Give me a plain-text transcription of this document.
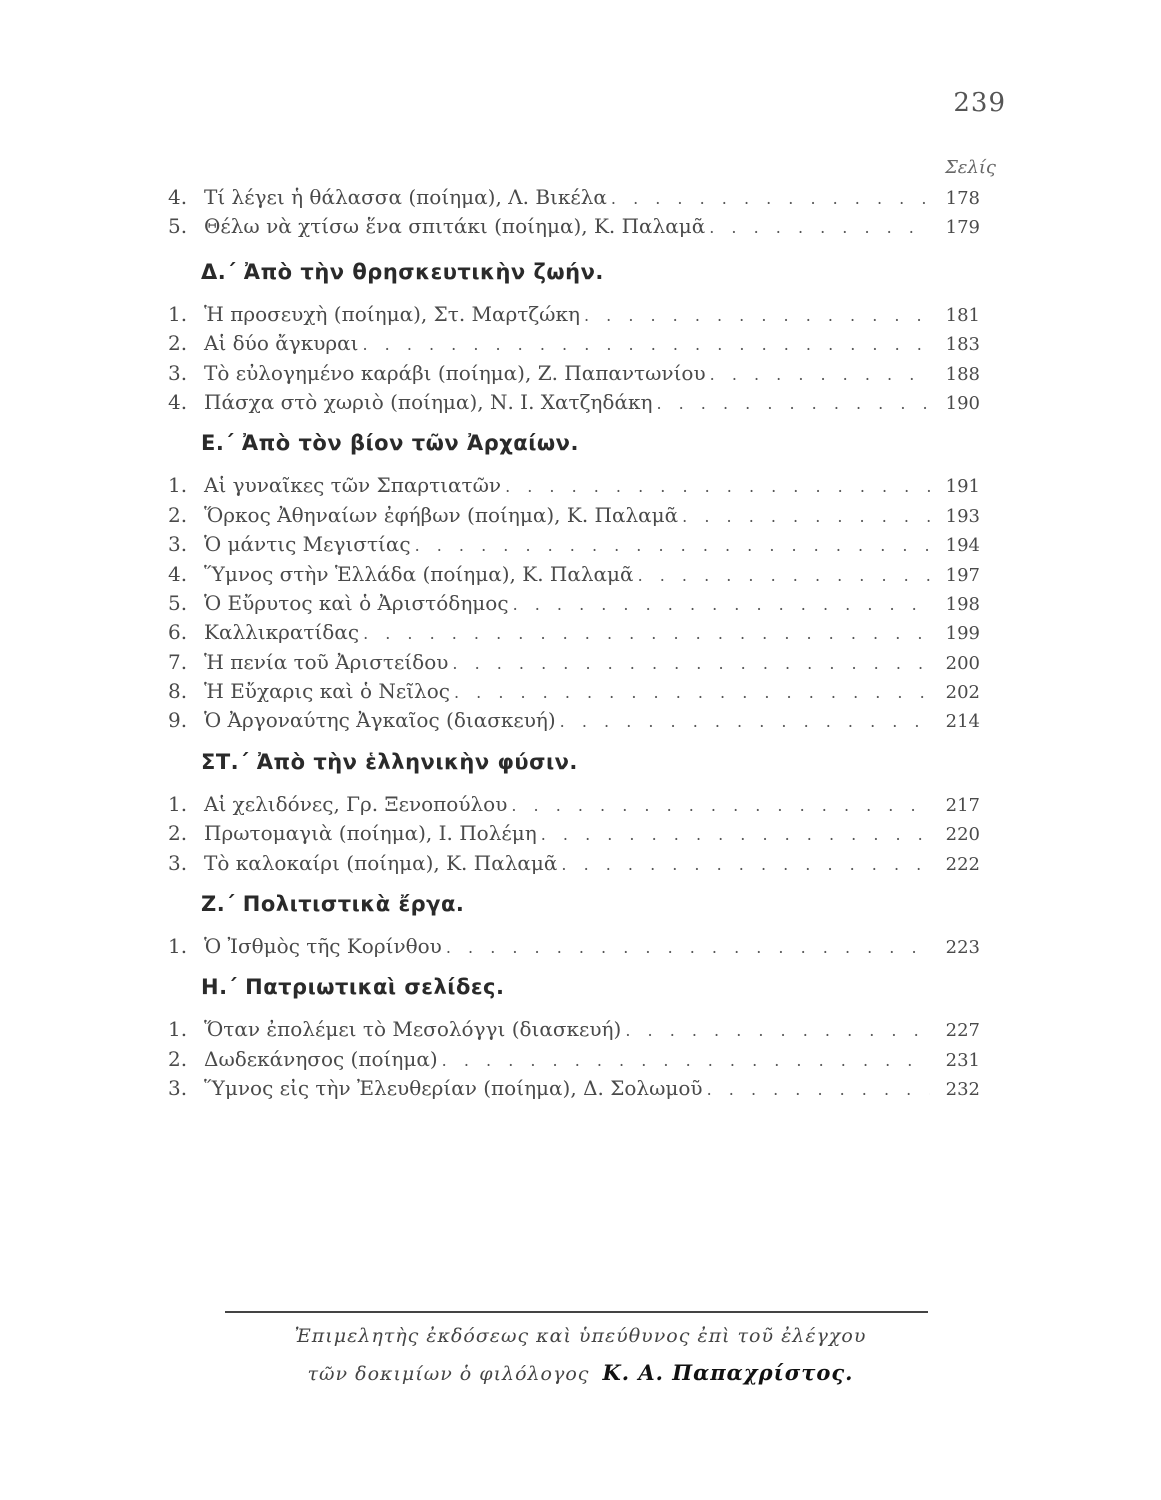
239
Σελίς
4. Τί λέγει ἡ θάλασσα (ποίημα), Λ. Βικέλα . . .	178
5. Θέλω νὰ χτίσω ἕνα σπιτάκι (ποίημα), Κ. Παλαμᾶ . . .	179
Δ.΄ Ἀπὸ τὴν θρησκευτικὴν ζωήν.
1. Ἡ προσευχὴ (ποίημα), Στ. Μαρτζώκη . . .	181
2. Αἱ δύο ἄγκυραι . . .	183
3. Τὸ εὐλογημένο καράβι (ποίημα), Ζ. Παπαντωνίου . . .	188
4. Πάσχα στὸ χωριὸ (ποίημα), Ν. Ι. Χατζηδάκη . . .	190
Ε.΄ Ἀπὸ τὸν βίον τῶν Ἀρχαίων.
1. Αἱ γυναῖκες τῶν Σπαρτιατῶν . . .	191
2. Ὅρκος Ἀθηναίων ἐφήβων (ποίημα), Κ. Παλαμᾶ . . .	193
3. Ὁ μάντις Μεγιστίας . . .	194
4. Ὕμνος στὴν Ἑλλάδα (ποίημα), Κ. Παλαμᾶ . . .	197
5. Ὁ Εὔρυτος καὶ ὁ Ἀριστόδημος . . .	198
6. Καλλικρατίδας . . .	199
7. Ἡ πενία τοῦ Ἀριστείδου . . .	200
8. Ἡ Εὔχαρις καὶ ὁ Νεῖλος . . .	202
9. Ὁ Ἀργοναύτης Ἀγκαῖος (διασκευή) . . .	214
ΣΤ.΄ Ἀπὸ τὴν ἑλληνικὴν φύσιν.
1. Αἱ χελιδόνες, Γρ. Ξενοπούλου . . .	217
2. Πρωτομαγιὰ (ποίημα), Ι. Πολέμη . . .	220
3. Τὸ καλοκαίρι (ποίημα), Κ. Παλαμᾶ . . .	222
Ζ.΄ Πολιτιστικὰ ἔργα.
1. Ὁ Ἰσθμὸς τῆς Κορίνθου . . .	223
Η.΄ Πατριωτικαὶ σελίδες.
1. Ὅταν ἐπολέμει τὸ Μεσολόγγι (διασκευή) . . .	227
2. Δωδεκάνησος (ποίημα) . . .	231
3. Ὕμνος εἰς τὴν Ἐλευθερίαν (ποίημα), Δ. Σολωμοῦ . . .	232
Ἐπιμελητὴς ἐκδόσεως καὶ ὑπεύθυνος ἐπὶ τοῦ ἐλέγχου
τῶν δοκιμίων ὁ φιλόλογος Κ. Α. Παπαχρίστος.
